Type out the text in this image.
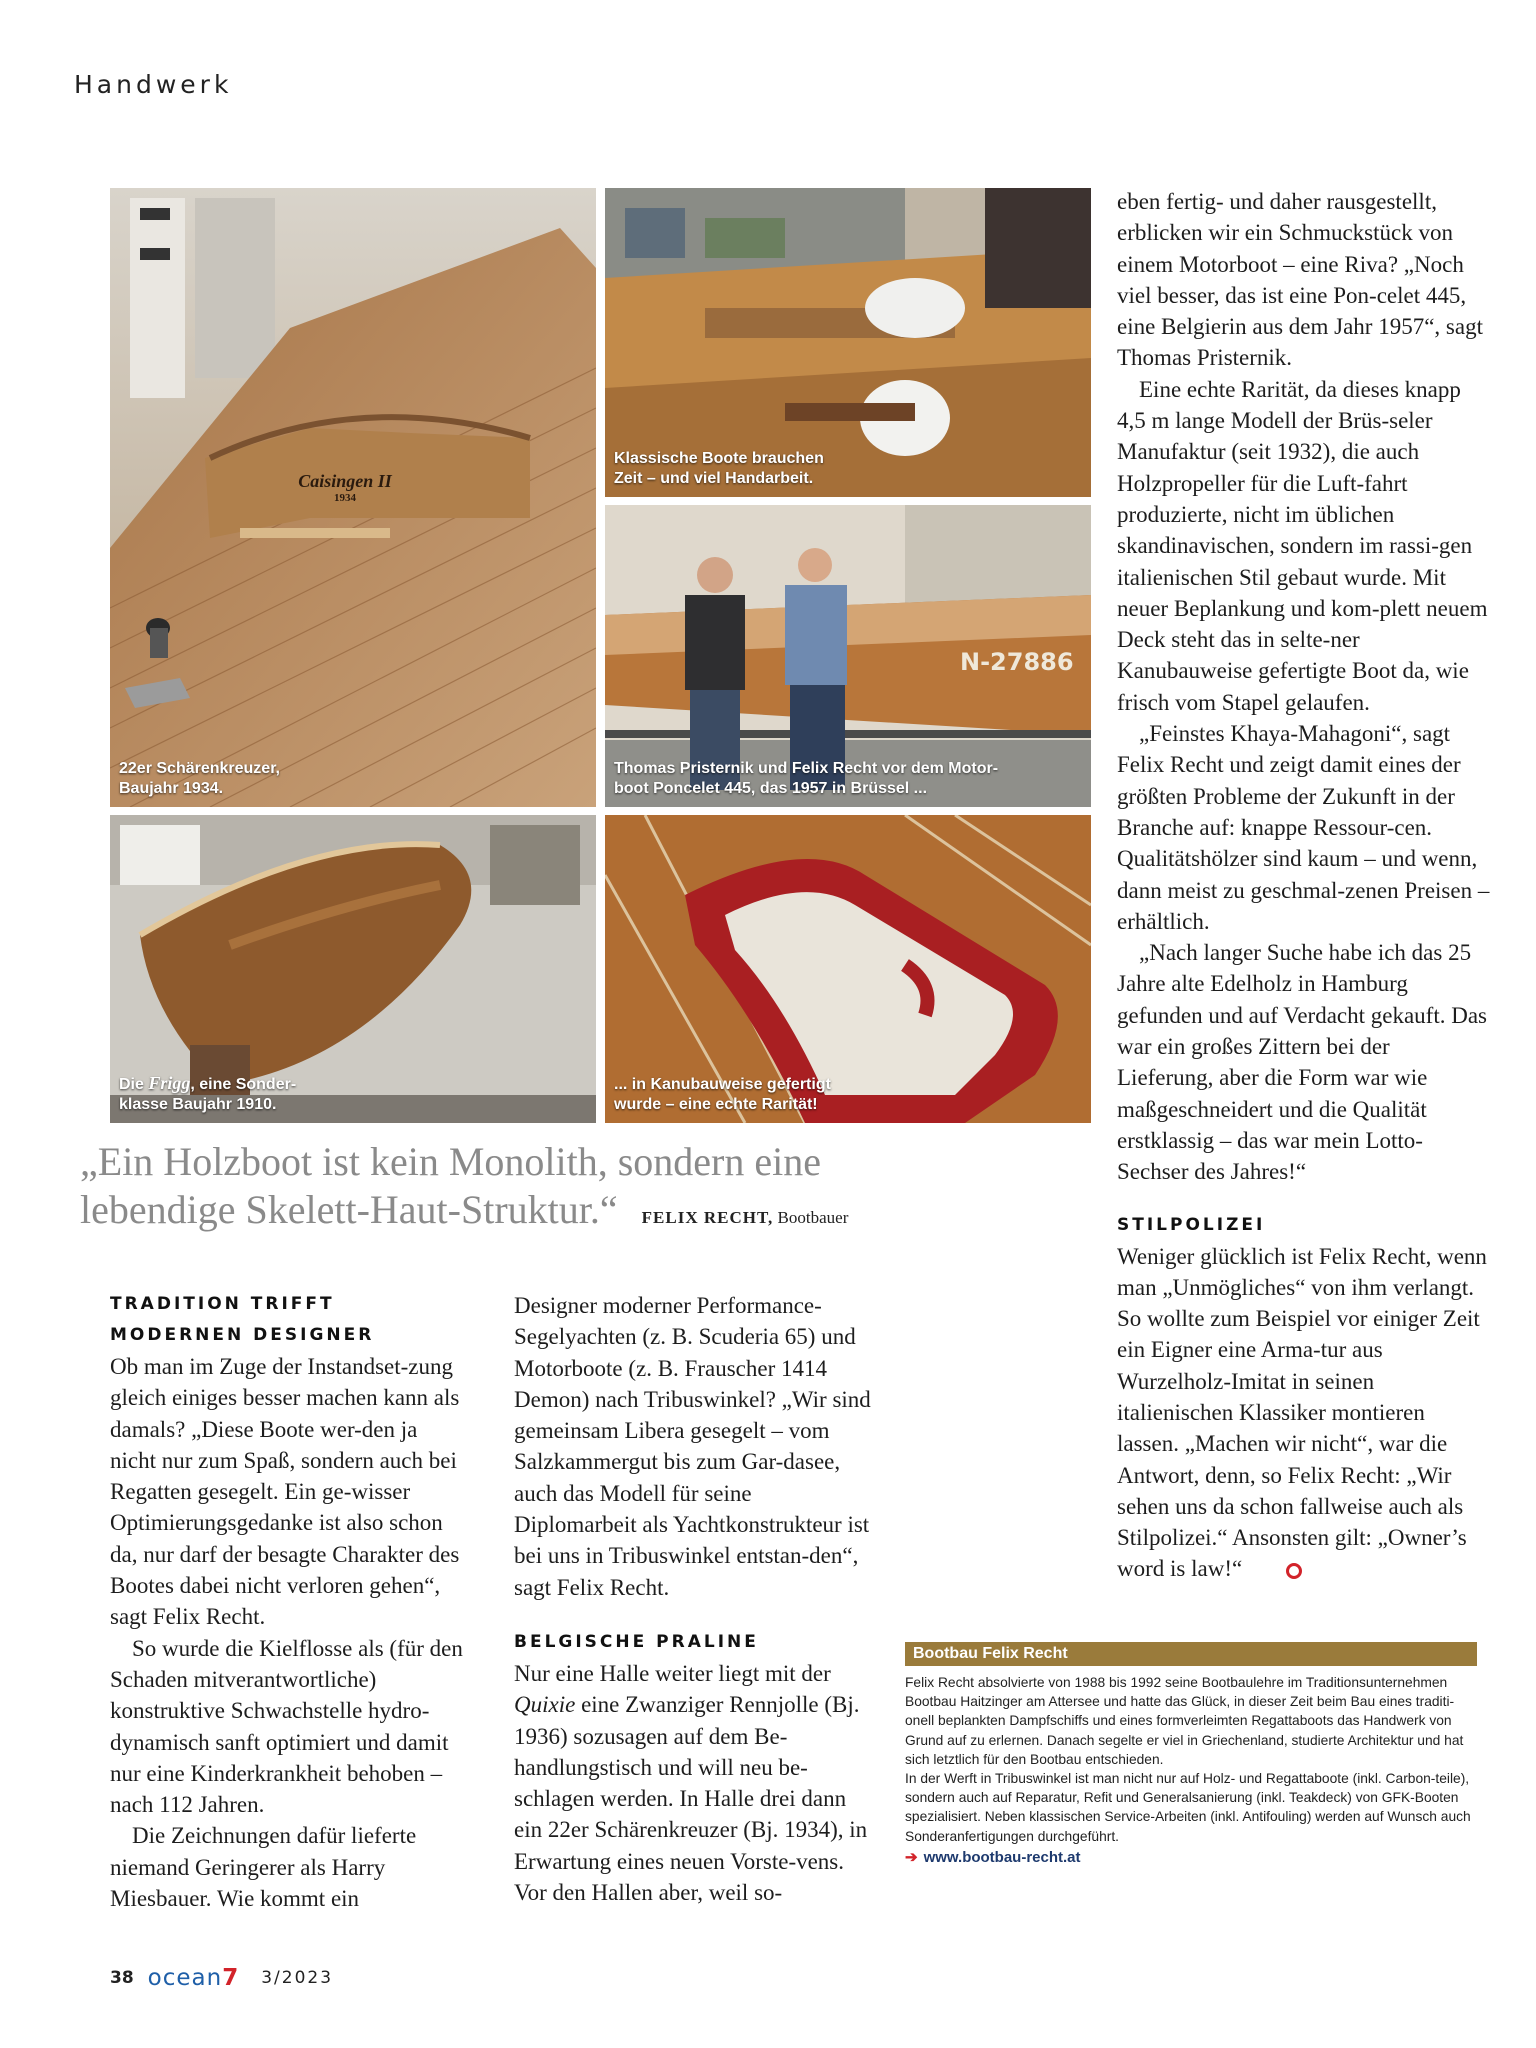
Handwerk
Caisingen II
1934
22er Schärenkreuzer,
Baujahr 1934.
Klassische Boote brauchen
Zeit – und viel Handarbeit.
N-27886
Thomas Pristernik und Felix Recht vor dem Motor-
boot Poncelet 445, das 1957 in Brüssel ...
Die Frigg, eine Sonder-
klasse Baujahr 1910.
... in Kanubauweise gefertigt
wurde – eine echte Rarität!
„Ein Holzboot ist kein Monolith, sondern eine lebendige Skelett-Haut-Struktur.“ FELIX RECHT, Bootbauer
TRADITION TRIFFT
MODERNEN DESIGNER

Ob man im Zuge der Instandset-zung gleich einiges besser machen kann als damals? „Diese Boote wer-den ja nicht nur zum Spaß, sondern auch bei Regatten gesegelt. Ein ge-wisser Optimierungsgedanke ist also schon da, nur darf der besagte Charakter des Bootes dabei nicht verloren gehen“, sagt Felix Recht.

So wurde die Kielflosse als (für den Schaden mitverantwortliche) konstruktive Schwachstelle hydro-dynamisch sanft optimiert und damit nur eine Kinderkrankheit behoben – nach 112 Jahren.

Die Zeichnungen dafür lieferte niemand Geringerer als Harry Miesbauer. Wie kommt ein

Designer moderner Performance-Segelyachten (z. B. Scuderia 65) und Motorboote (z. B. Frauscher 1414 Demon) nach Tribuswinkel? „Wir sind gemeinsam Libera gesegelt – vom Salzkammergut bis zum Gar-dasee, auch das Modell für seine Diplomarbeit als Yachtkonstrukteur ist bei uns in Tribuswinkel entstan-den“, sagt Felix Recht.

BELGISCHE PRALINE

Nur eine Halle weiter liegt mit der Quixie eine Zwanziger Rennjolle (Bj. 1936) sozusagen auf dem Be-handlungstisch und will neu be-schlagen werden. In Halle drei dann ein 22er Schärenkreuzer (Bj. 1934), in Erwartung eines neuen Vorste-vens. Vor den Hallen aber, weil so-

eben fertig- und daher rausgestellt, erblicken wir ein Schmuckstück von einem Motorboot – eine Riva? „Noch viel besser, das ist eine Pon-celet 445, eine Belgierin aus dem Jahr 1957“, sagt Thomas Pristernik.

Eine echte Rarität, da dieses knapp 4,5 m lange Modell der Brüs-seler Manufaktur (seit 1932), die auch Holzpropeller für die Luft-fahrt produzierte, nicht im üblichen skandinavischen, sondern im rassi-gen italienischen Stil gebaut wurde. Mit neuer Beplankung und kom-plett neuem Deck steht das in selte-ner Kanubauweise gefertigte Boot da, wie frisch vom Stapel gelaufen.

„Feinstes Khaya-Mahagoni“, sagt Felix Recht und zeigt damit eines der größten Probleme der Zukunft in der Branche auf: knappe Ressour-cen. Qualitätshölzer sind kaum – und wenn, dann meist zu geschmal-zenen Preisen – erhältlich.

„Nach langer Suche habe ich das 25 Jahre alte Edelholz in Hamburg gefunden und auf Verdacht gekauft. Das war ein großes Zittern bei der Lieferung, aber die Form war wie maßgeschneidert und die Qualität erstklassig – das war mein Lotto-Sechser des Jahres!“

STILPOLIZEI

Weniger glücklich ist Felix Recht, wenn man „Unmögliches“ von ihm verlangt. So wollte zum Beispiel vor einiger Zeit ein Eigner eine Arma-tur aus Wurzelholz-Imitat in seinen italienischen Klassiker montieren lassen. „Machen wir nicht“, war die Antwort, denn, so Felix Recht: „Wir sehen uns da schon fallweise auch als Stilpolizei.“ Ansonsten gilt: „Owner’s word is law!“

Bootbau Felix Recht

Felix Recht absolvierte von 1988 bis 1992 seine Bootbaulehre im Traditionsunternehmen Bootbau Haitzinger am Attersee und hatte das Glück, in dieser Zeit beim Bau eines traditi-onell beplankten Dampfschiffs und eines formverleimten Regattaboots das Handwerk von Grund auf zu erlernen. Danach segelte er viel in Griechenland, studierte Architektur und hat sich letztlich für den Bootbau entschieden.

In der Werft in Tribuswinkel ist man nicht nur auf Holz- und Regattaboote (inkl. Carbon-teile), sondern auch auf Reparatur, Refit und Generalsanierung (inkl. Teakdeck) von GFK-Booten spezialisiert. Neben klassischen Service-Arbeiten (inkl. Antifouling) werden auf Wunsch auch Sonderanfertigungen durchgeführt.

➔ www.bootbau-recht.at
38 ocean7 3/2023
